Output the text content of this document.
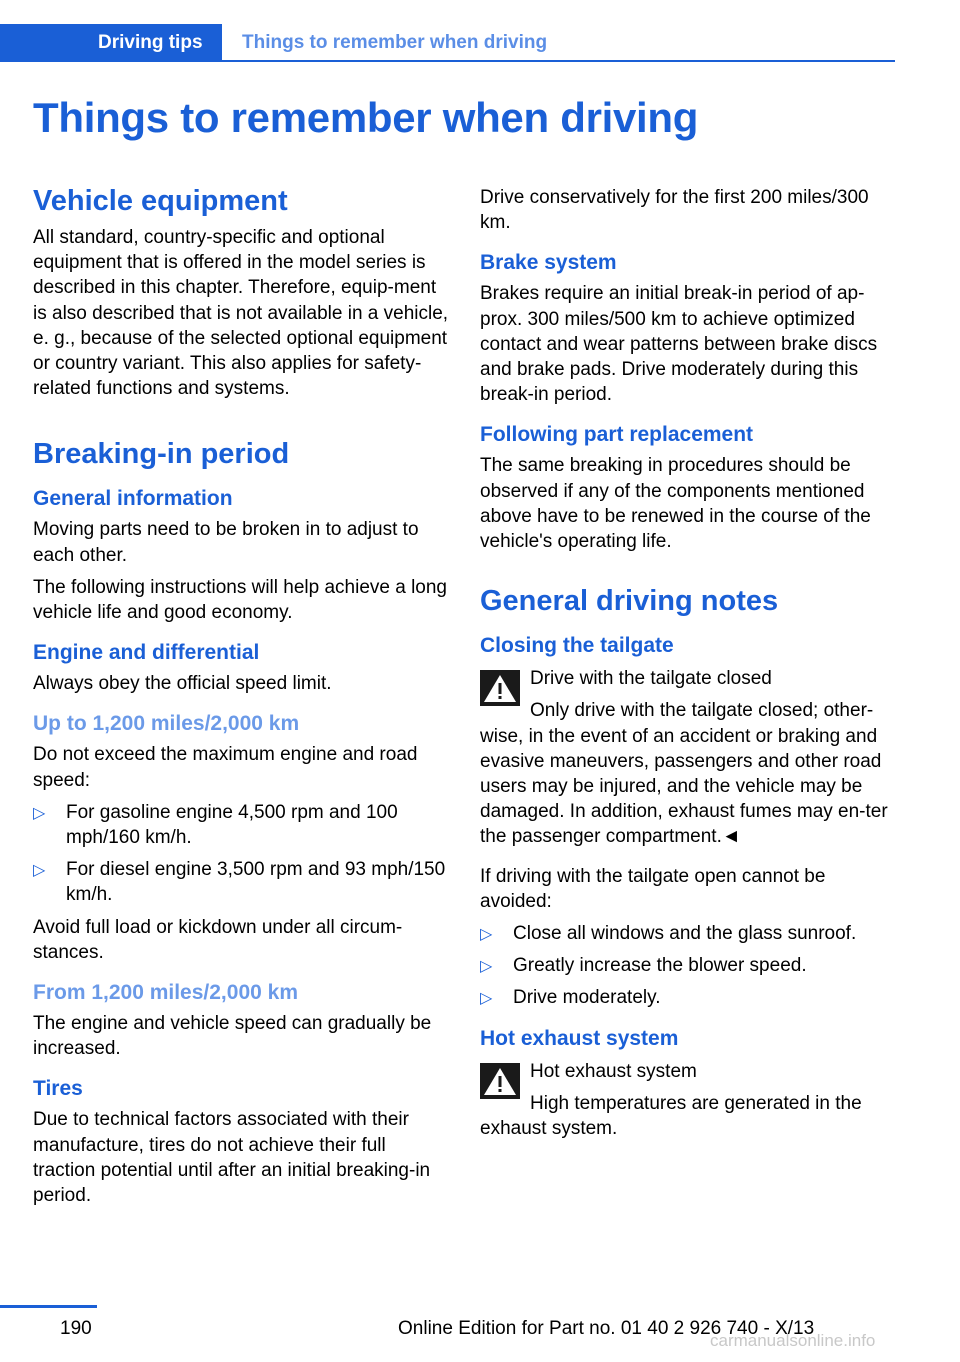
Driving tips Things to remember when driving
Things to remember when driving
Vehicle equipment

All standard, country-specific and optional equipment that is offered in the model series is described in this chapter. Therefore, equip-ment is also described that is not available in a vehicle, e. g., because of the selected optional equipment or country variant. This also applies for safety-related functions and systems.

Breaking-in period
General information

Moving parts need to be broken in to adjust to each other.

The following instructions will help achieve a long vehicle life and good economy.

Engine and differential

Always obey the official speed limit.

Up to 1,200 miles/2,000 km

Do not exceed the maximum engine and road speed:

▷ For gasoline engine 4,500 rpm and 100 mph/160 km/h.
▷ For diesel engine 3,500 rpm and 93 mph/150 km/h.

Avoid full load or kickdown under all circum-stances.

From 1,200 miles/2,000 km

The engine and vehicle speed can gradually be increased.

Tires

Due to technical factors associated with their manufacture, tires do not achieve their full traction potential until after an initial breaking-in period.

Drive conservatively for the first 200 miles/300 km.

Brake system

Brakes require an initial break-in period of ap-prox. 300 miles/500 km to achieve optimized contact and wear patterns between brake discs and brake pads. Drive moderately during this break-in period.

Following part replacement

The same breaking in procedures should be observed if any of the components mentioned above have to be renewed in the course of the vehicle's operating life.

General driving notes
Closing the tailgate
Drive with the tailgate closed
Only drive with the tailgate closed; other-wise, in the event of an accident or braking and evasive maneuvers, passengers and other road users may be injured, and the vehicle may be damaged. In addition, exhaust fumes may en-ter the passenger compartment.◄

If driving with the tailgate open cannot be avoided:

▷ Close all windows and the glass sunroof.
▷ Greatly increase the blower speed.
▷ Drive moderately.
Hot exhaust system
Hot exhaust system
High temperatures are generated in the exhaust system.
190	Online Edition for Part no. 01 40 2 926 740 - X/13
carmanualsonline.info
